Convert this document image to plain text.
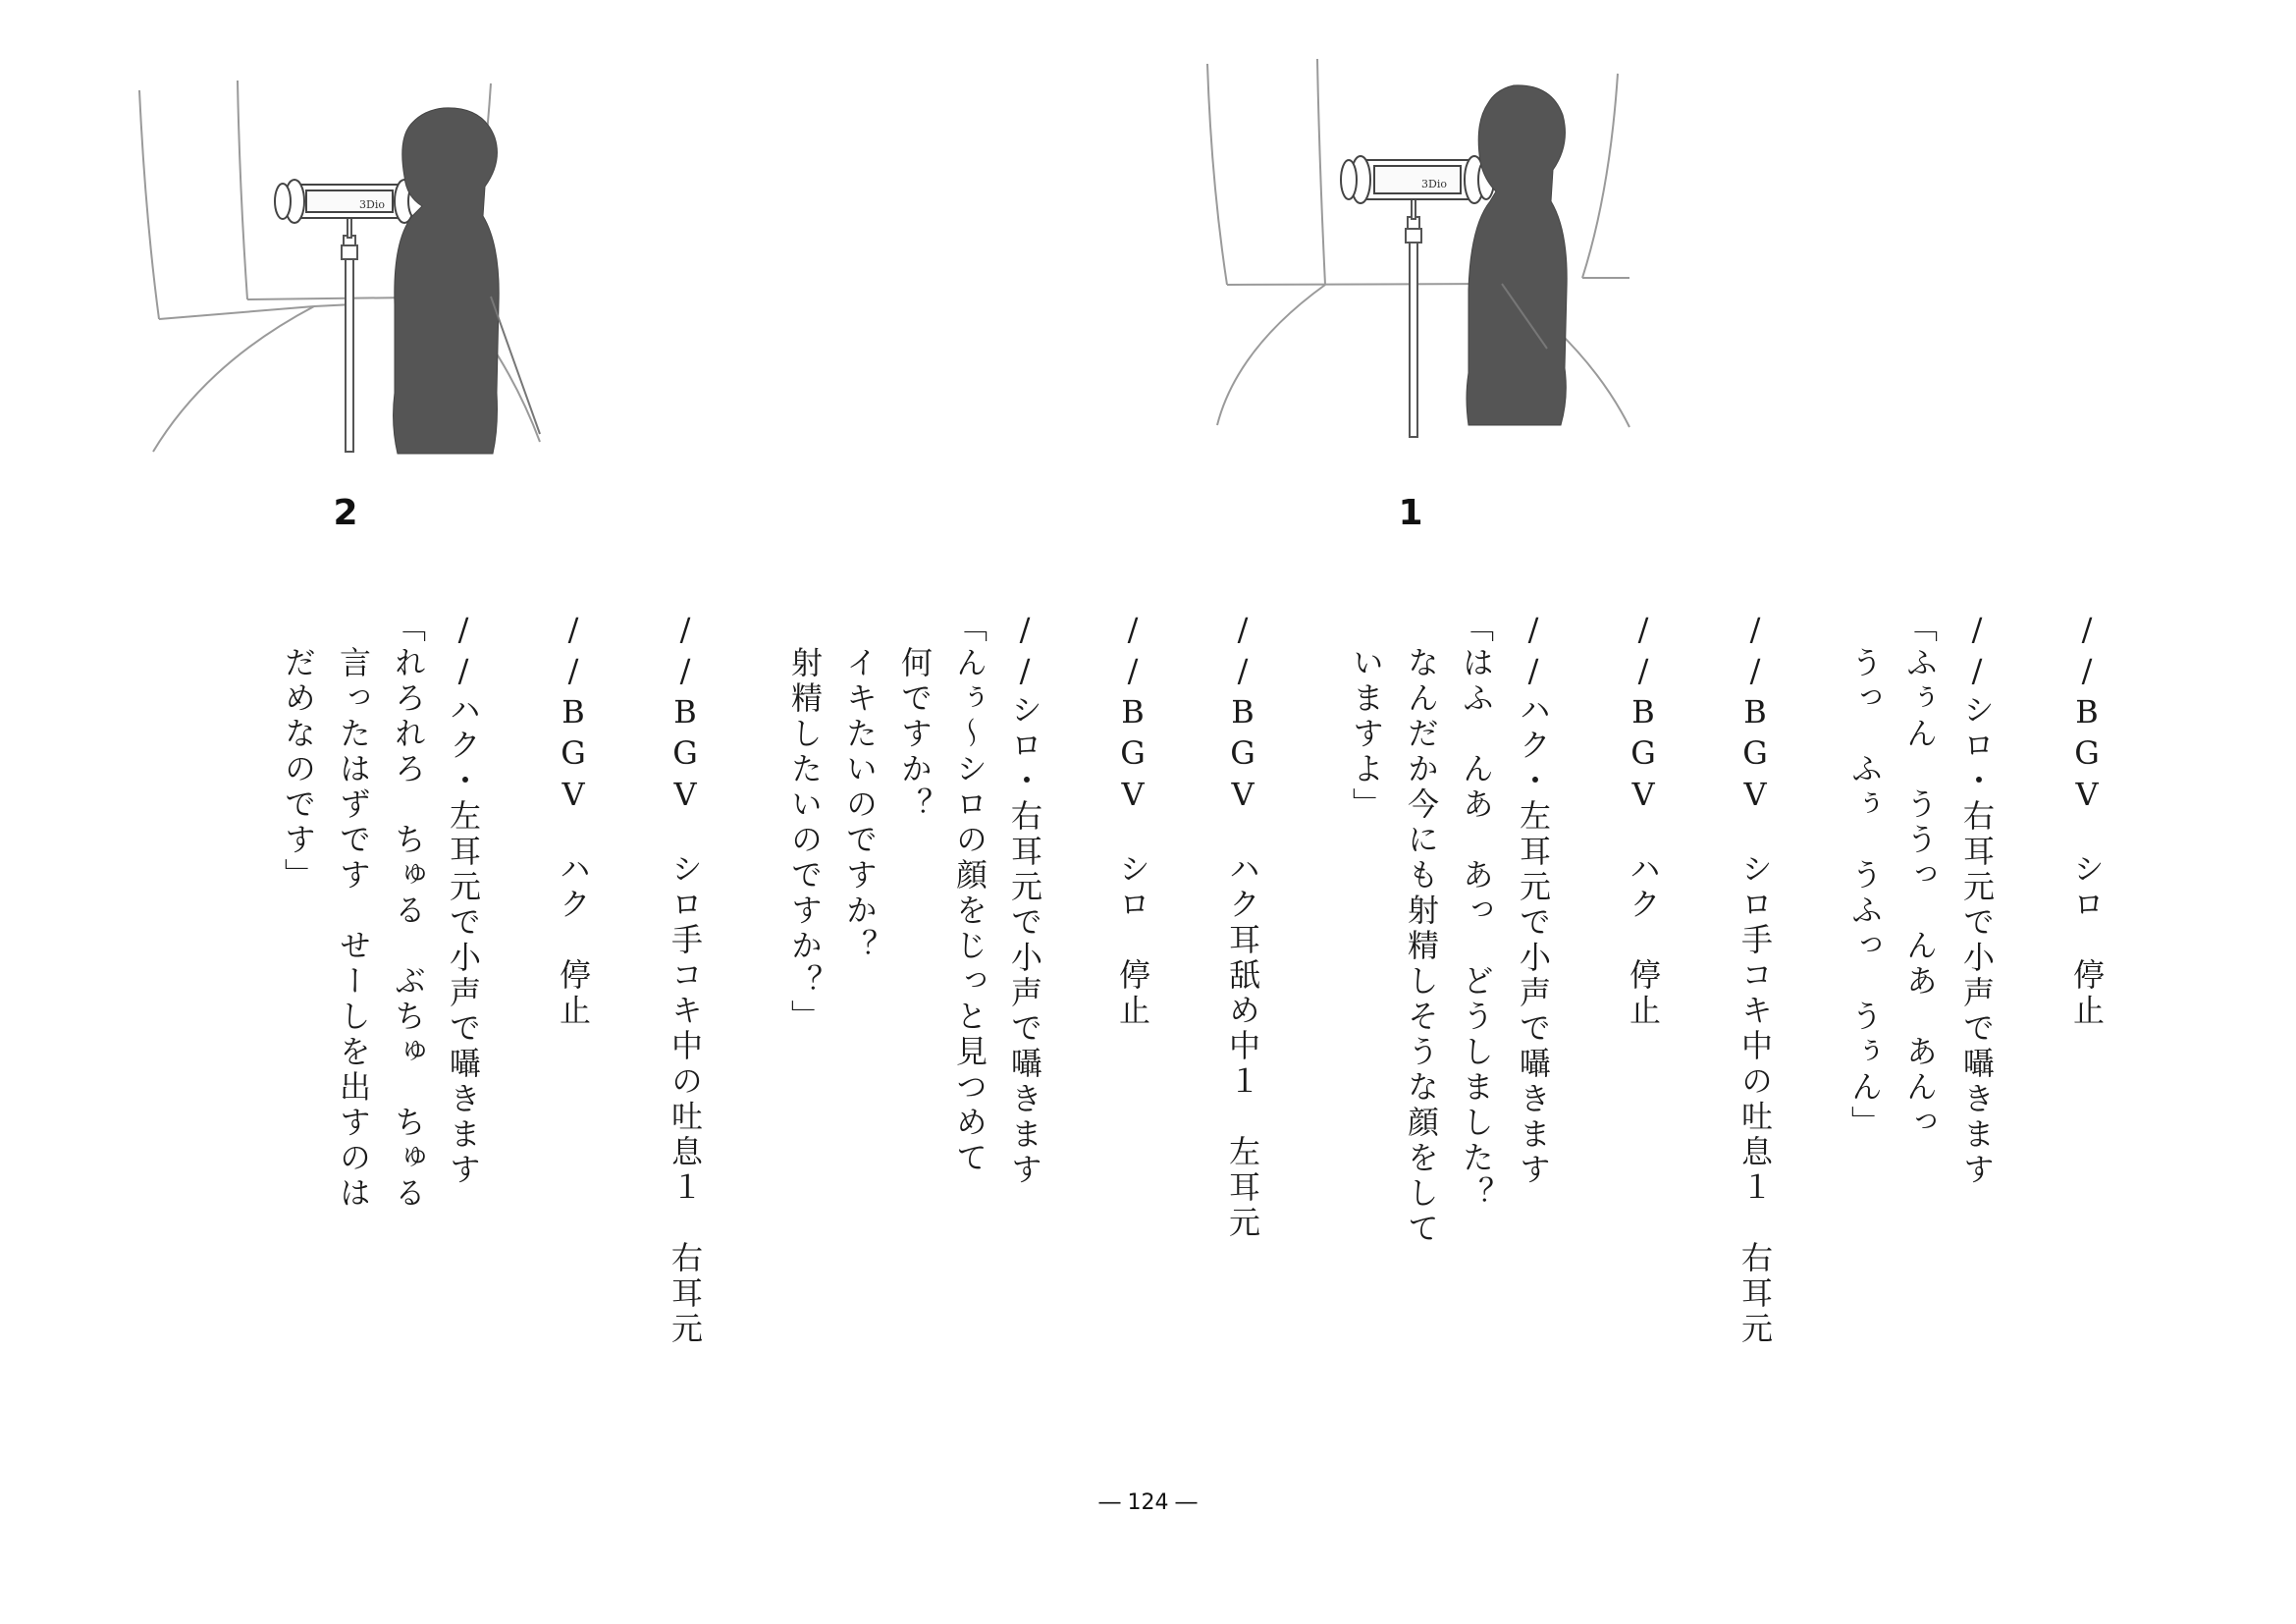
3Dio
2
3Dio
1
//BGV　シロ　停止
//シロ・右耳元で小声で囁きます
「ふぅん　ううっ　んあ　あんっ
　うっ　ふぅ　うふっ　うぅん」
//BGV　シロ手コキ中の吐息１　右耳元
//BGV　ハク　停止
//ハク・左耳元で小声で囁きます
「はふ　んあ　あっ　どうしました？
　なんだか今にも射精しそうな顔をして
　いますよ」
//BGV　ハク耳舐め中１　左耳元
//BGV　シロ　停止
//シロ・右耳元で小声で囁きます
「んぅ～シロの顔をじっと見つめて
　何ですか？
　イキたいのですか？
　射精したいのですか？」
//BGV　シロ手コキ中の吐息１　右耳元
//BGV　ハク　停止
//ハク・左耳元で小声で囁きます
「れろれろ　ちゅる　ぶちゅ　ちゅる
　言ったはずです　せーしを出すのは
　だめなのです」
― 124 ―
